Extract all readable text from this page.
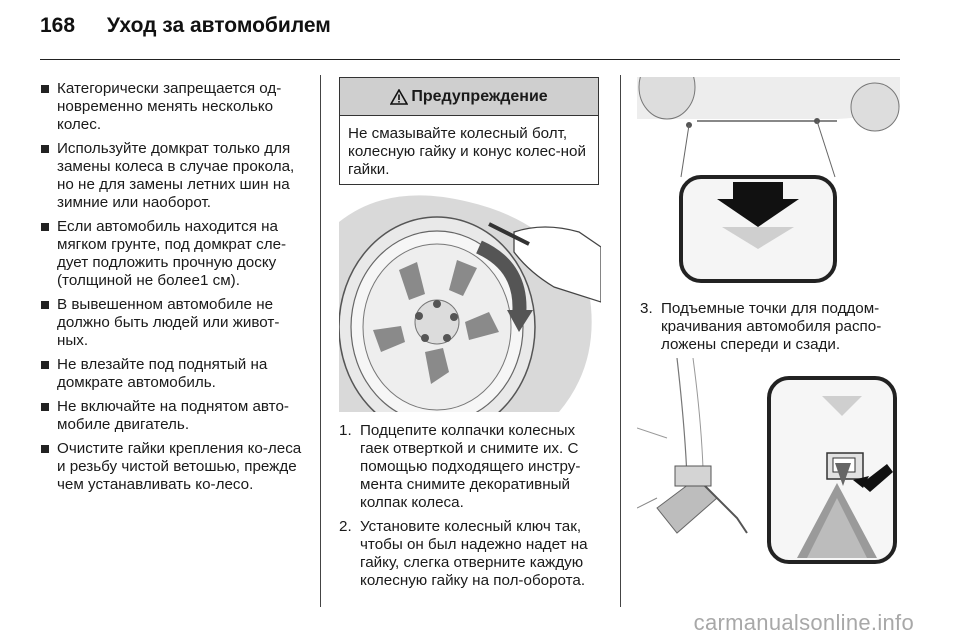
168 Уход за автомобилем
Категорически запрещается од-новременно менять несколько колес.
Используйте домкрат только для замены колеса в случае прокола, но не для замены летних шин на зимние или наоборот.
Если автомобиль находится на мягком грунте, под домкрат сле-дует подложить прочную доску (толщиной не более1 см).
В вывешенном автомобиле не должно быть людей или живот-ных.
Не влезайте под поднятый на домкрате автомобиль.
Не включайте на поднятом авто-мобиле двигатель.
Очистите гайки крепления ко-леса и резьбу чистой ветошью, прежде чем устанавливать ко-лесо.
Предупреждение
Не смазывайте колесный болт, колесную гайку и конус колес-ной гайки.
1. Подцепите колпачки колесных гаек отверткой и снимите их. С помощью подходящего инстру-мента снимите декоративный колпак колеса.
2. Установите колесный ключ так, чтобы он был надежно надет на гайку, слегка отверните каждую колесную гайку на пол-оборота.
3. Подъемные точки для поддом-крачивания автомобиля распо-ложены спереди и сзади.
carmanualsonline.info
